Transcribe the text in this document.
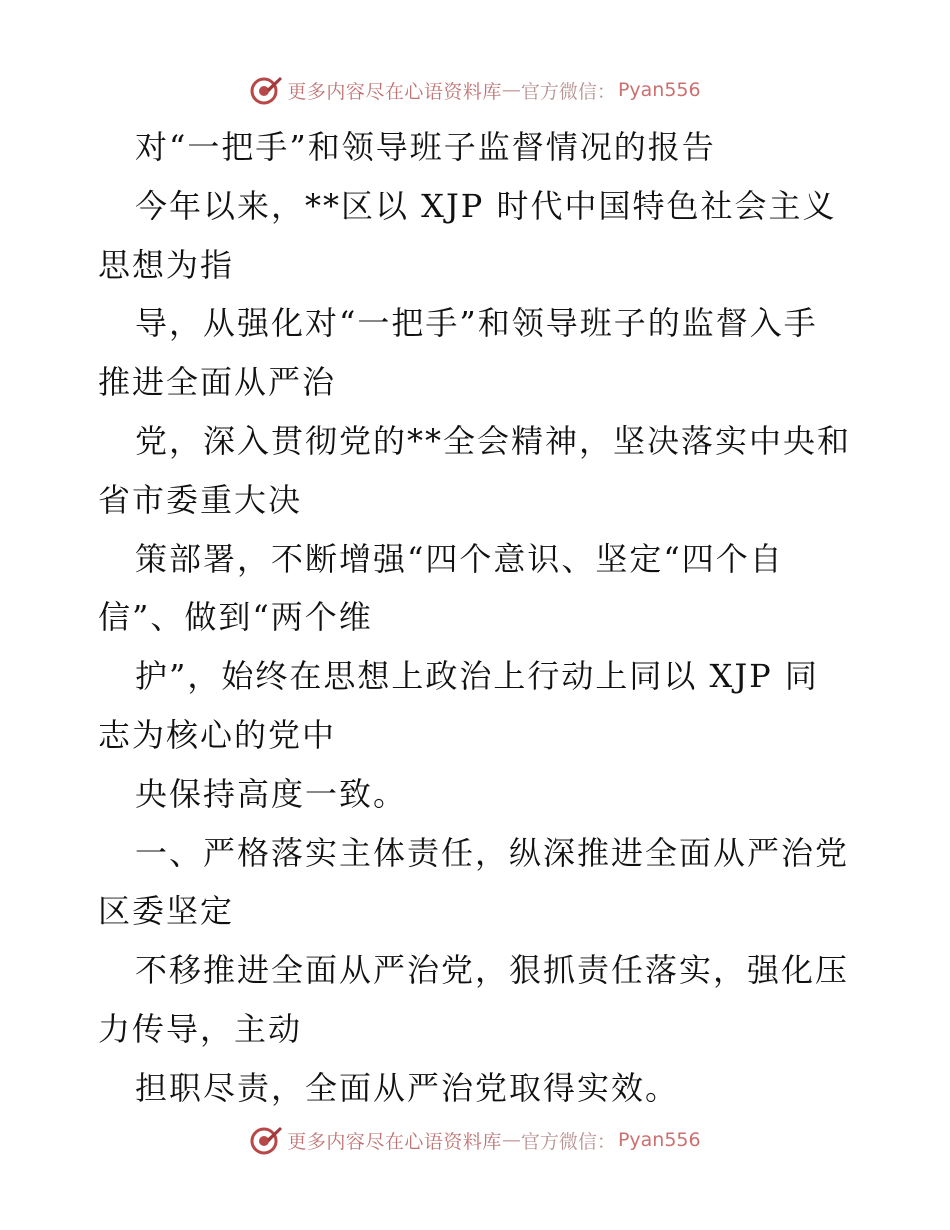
更多内容尽在心语资料库 — 官方微信： Pyan556
对“一把手”和领导班子监督情况的报告
今年以来，**区以 XJP 时代中国特色社会主义
思想为指
导，从强化对“一把手”和领导班子的监督入手
推进全面从严治
党，深入贯彻党的**全会精神，坚决落实中央和
省市委重大决
策部署，不断增强“四个意识、坚定“四个自
信”、做到“两个维
护”，始终在思想上政治上行动上同以 XJP 同
志为核心的党中
央保持高度一致。
一、严格落实主体责任，纵深推进全面从严治党
区委坚定
不移推进全面从严治党，狠抓责任落实，强化压
力传导，主动
担职尽责，全面从严治党取得实效。
更多内容尽在心语资料库 — 官方微信： Pyan556
